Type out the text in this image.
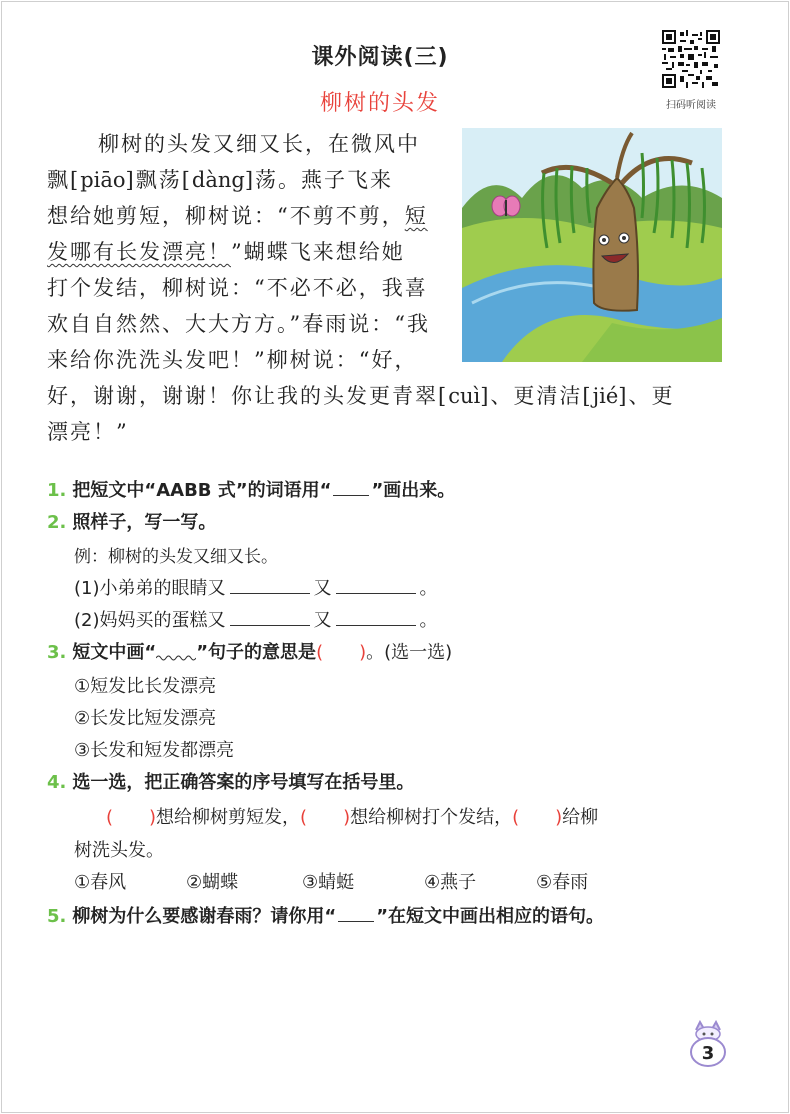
课外阅读(三)
柳树的头发	扫码听阅读
柳树的头发又细又长，在微风中
飘[piāo]飘荡[dàng]荡。燕子飞来
想给她剪短，柳树说：“不剪不剪，短
发哪有长发漂亮！”蝴蝶飞来想给她
打个发结，柳树说：“不必不必，我喜
欢自自然然、大大方方。”春雨说：“我
来给你洗洗头发吧！”柳树说：“好，
好，谢谢，谢谢！你让我的头发更青翠[cuì]、更清洁[jié]、更
漂亮！”
1. 把短文中“AABB 式”的词语用“ ”画出来。
2. 照样子，写一写。
例：柳树的头发又细又长。
(1)小弟弟的眼睛又	又	。
(2)妈妈买的蛋糕又	又	。
3. 短文中画“ ”句子的意思是(　　)。(选一选)
①短发比长发漂亮
②长发比短发漂亮
③长发和短发都漂亮
4. 选一选，把正确答案的序号填写在括号里。
(　　)想给柳树剪短发，(　　)想给柳树打个发结，(　　)给柳
树洗头发。
①春风	②蝴蝶	③蜻蜓	④燕子	⑤春雨
5. 柳树为什么要感谢春雨？请你用“ ”在短文中画出相应的语句。
3
